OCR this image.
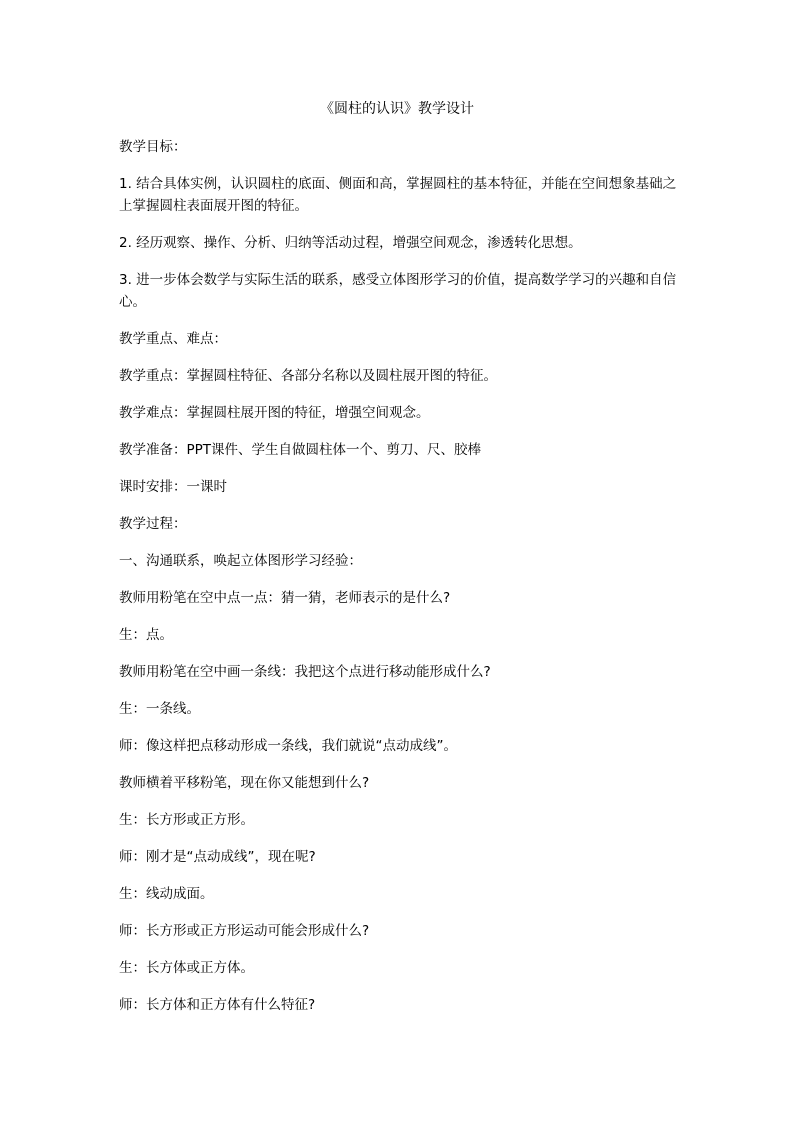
《圆柱的认识》教学设计

教学目标：

1. 结合具体实例，认识圆柱的底面、侧面和高，掌握圆柱的基本特征，并能在空间想象基础之上掌握圆柱表面展开图的特征。

2. 经历观察、操作、分析、归纳等活动过程，增强空间观念，渗透转化思想。

3. 进一步体会数学与实际生活的联系，感受立体图形学习的价值，提高数学学习的兴趣和自信心。

教学重点、难点：

教学重点：掌握圆柱特征、各部分名称以及圆柱展开图的特征。

教学难点：掌握圆柱展开图的特征，增强空间观念。

教学准备：PPT课件、学生自做圆柱体一个、剪刀、尺、胶棒

课时安排：一课时

教学过程：

一、沟通联系，唤起立体图形学习经验：

教师用粉笔在空中点一点：猜一猜，老师表示的是什么?

生：点。

教师用粉笔在空中画一条线：我把这个点进行移动能形成什么?

生：一条线。

师：像这样把点移动形成一条线，我们就说“点动成线”。

教师横着平移粉笔，现在你又能想到什么?

生：长方形或正方形。

师：刚才是“点动成线”，现在呢?

生：线动成面。

师：长方形或正方形运动可能会形成什么?

生：长方体或正方体。

师：长方体和正方体有什么特征?
